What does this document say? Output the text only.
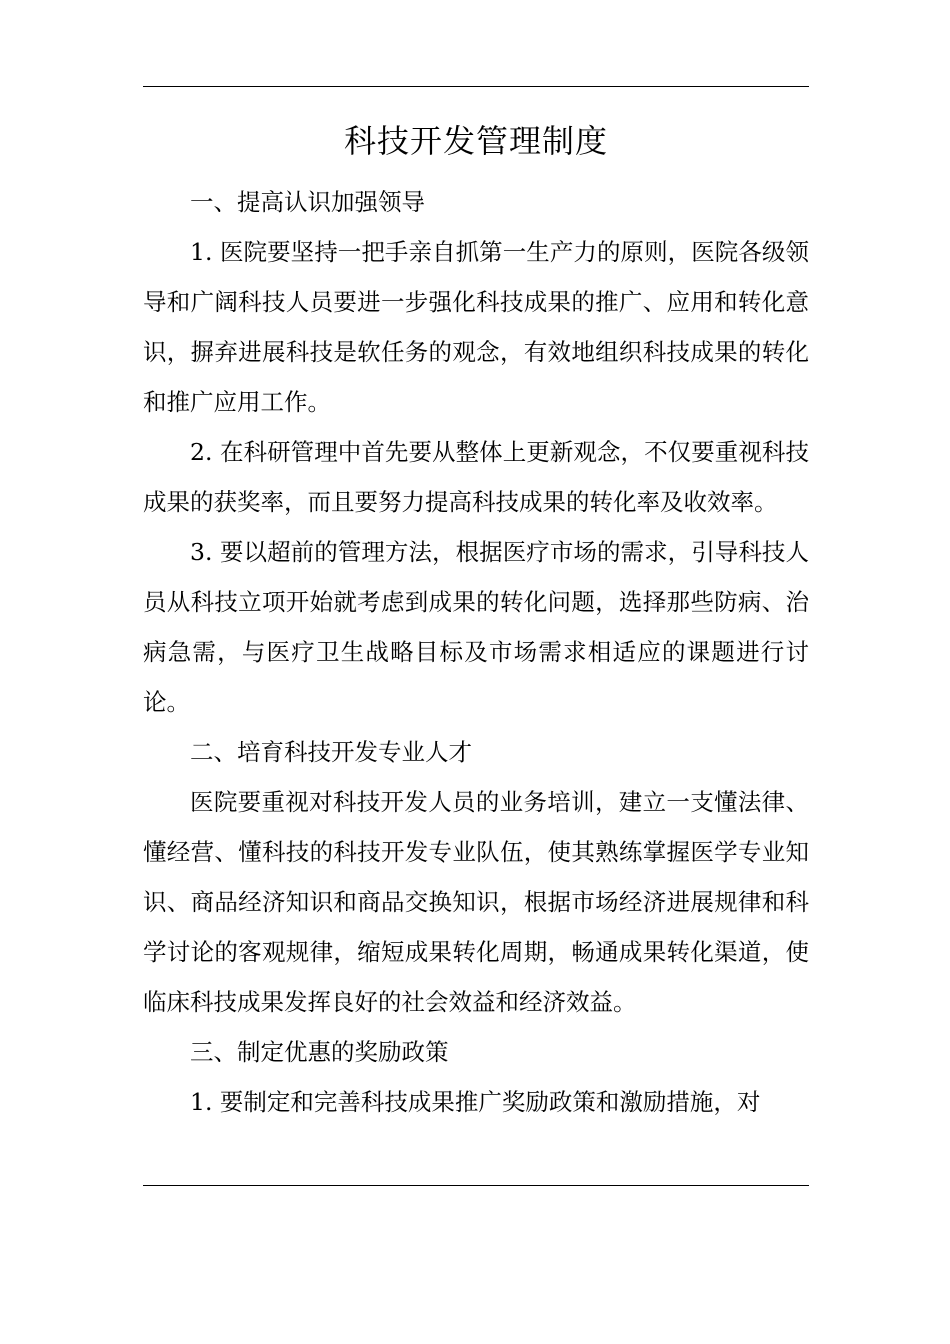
科技开发管理制度

一、提高认识加强领导

1. 医院要坚持一把手亲自抓第一生产力的原则，医院各级领导和广阔科技人员要进一步强化科技成果的推广、应用和转化意识，摒弃进展科技是软任务的观念，有效地组织科技成果的转化和推广应用工作。

2. 在科研管理中首先要从整体上更新观念，不仅要重视科技成果的获奖率，而且要努力提高科技成果的转化率及收效率。

3. 要以超前的管理方法，根据医疗市场的需求，引导科技人员从科技立项开始就考虑到成果的转化问题，选择那些防病、治病急需，与医疗卫生战略目标及市场需求相适应的课题进行讨论。

二、培育科技开发专业人才

医院要重视对科技开发人员的业务培训，建立一支懂法律、懂经营、懂科技的科技开发专业队伍，使其熟练掌握医学专业知识、商品经济知识和商品交换知识，根据市场经济进展规律和科学讨论的客观规律，缩短成果转化周期，畅通成果转化渠道，使临床科技成果发挥良好的社会效益和经济效益。

三、制定优惠的奖励政策

1. 要制定和完善科技成果推广奖励政策和激励措施，对
